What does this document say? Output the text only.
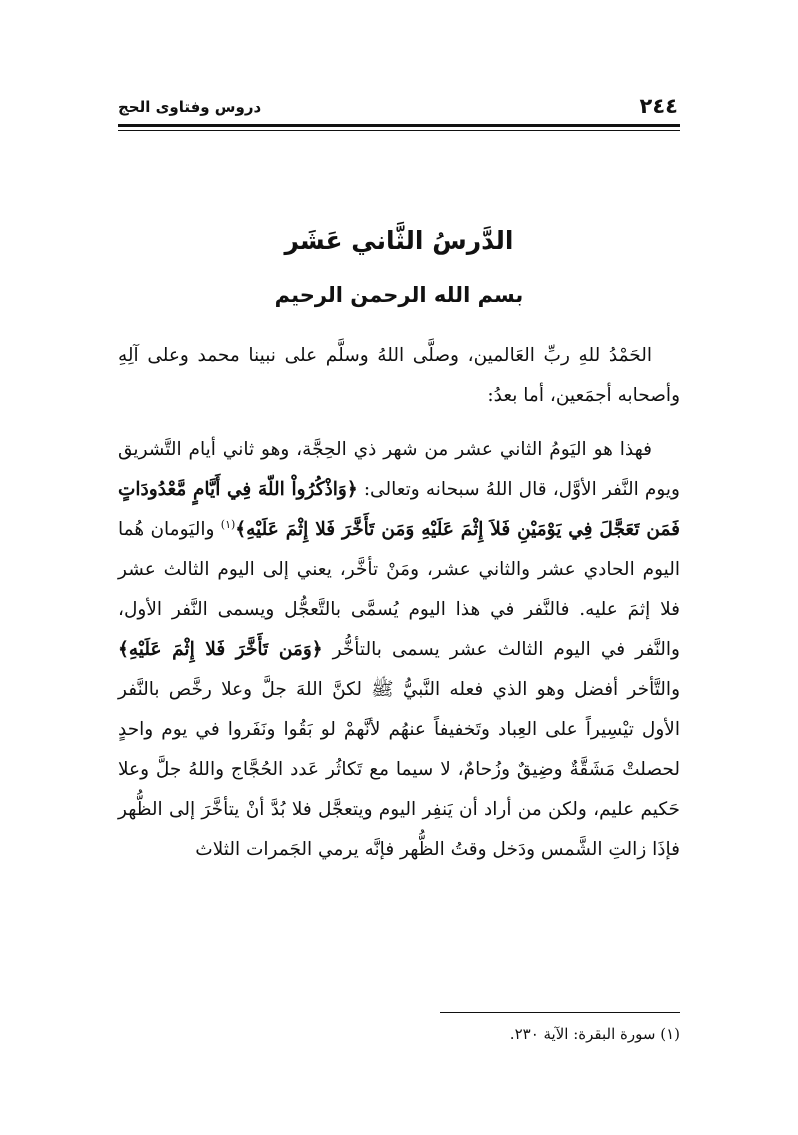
٢٤٤
دروس وفتاوى الحج
الدَّرسُ الثَّاني عَشَر
بسم الله الرحمن الرحيم

الحَمْدُ للهِ ربِّ العَالمين، وصلَّى اللهُ وسلَّم على نبينا محمد وعلى آلِهِ وأصحابه أجمَعين، أما بعدُ:

فهذا هو اليَومُ الثاني عشر من شهر ذي الحِجَّة، وهو ثاني أيام التَّشريق ويوم النَّفر الأوَّل، قال اللهُ سبحانه وتعالى: ﴿وَاذْكُرُواْ اللّهَ فِي أَيَّامٍ مَّعْدُودَاتٍ فَمَن تَعَجَّلَ فِي يَوْمَيْنِ فَلاَ إِثْمَ عَلَيْهِ وَمَن تَأَخَّرَ فَلا إِثْمَ عَلَيْهِ﴾$^{(١)}$ واليَومان هُما اليوم الحادي عشر والثاني عشر، ومَنْ تأخَّر، يعني إلى اليوم الثالث عشر فلا إثمَ عليه. فالنَّفر في هذا اليوم يُسمَّى بالتَّعجُّل ويسمى النَّفر الأول، والنَّفر في اليوم الثالث عشر يسمى بالتأخُّر ﴿وَمَن تَأَخَّرَ فَلا إِثْمَ عَلَيْهِ﴾ والتَّأخر أفضل وهو الذي فعله النَّبيُّ ﷺ لكنَّ اللهَ جلَّ وعلا رخَّص بالنَّفر الأول تيْسِيراً على العِباد وتَخفيفاً عنهُم لأنَّهمْ لو بَقُوا ونَفَروا في يوم واحدٍ لحصلتْ مَشَقَّةٌ وضِيقٌ وزُحامٌ، لا سيما مع تَكاثُر عَدد الحُجَّاج واللهُ جلَّ وعلا حَكيم عليم، ولكن من أراد أن يَنفِر اليوم ويتعجَّل فلا بُدَّ أنْ يتأخَّرَ إلى الظُّهر فإذَا زالتِ الشَّمس ودَخل وقتُ الظُّهر فإنَّه يرمي الجَمرات الثلاث

(١) سورة البقرة: الآية ٢٣٠.
